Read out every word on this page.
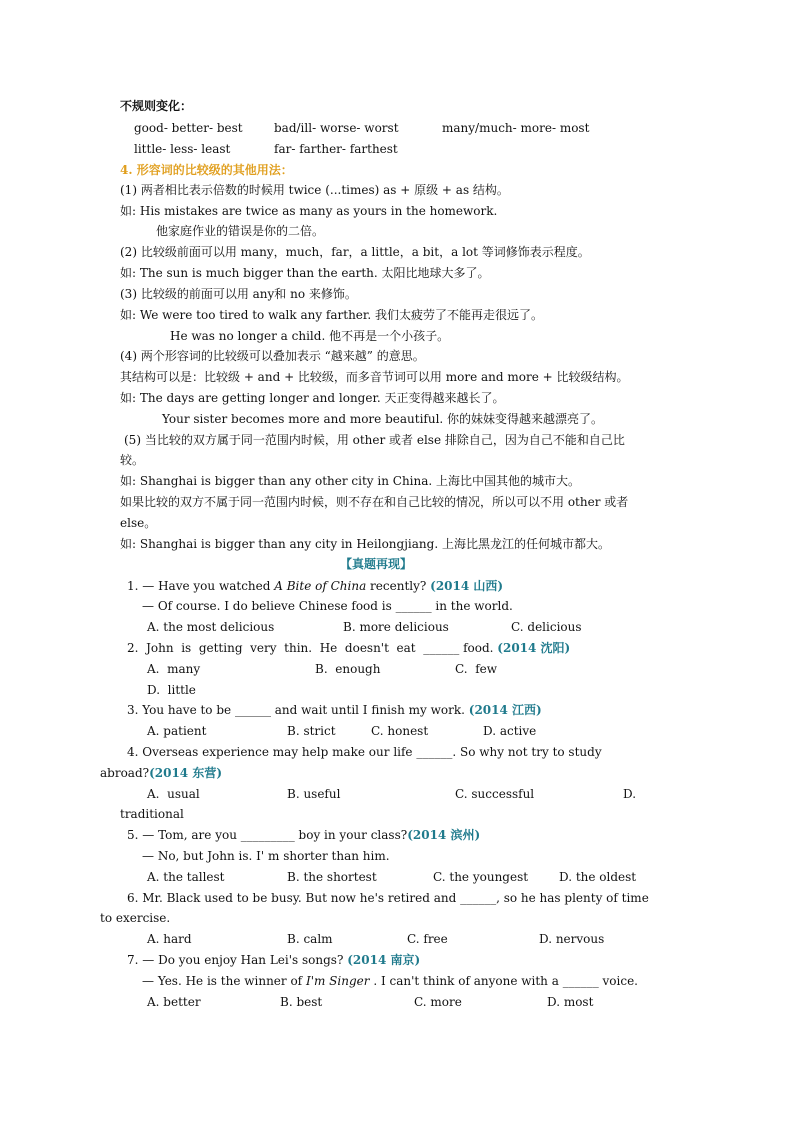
不规则变化：
good- better- best	bad/ill- worse- worst	many/much- more- most
little- less- least	far- farther- farthest
4. 形容词的比较级的其他用法：
(1) 两者相比表示倍数的时候用 twice (...times) as + 原级 + as 结构。
如: His mistakes are twice as many as yours in the homework.
他家庭作业的错误是你的二倍。
(2) 比较级前面可以用 many，much，far，a little，a bit，a lot 等词修饰表示程度。
如: The sun is much bigger than the earth. 太阳比地球大多了。
(3) 比较级的前面可以用 any和 no 来修饰。
如: We were too tired to walk any farther. 我们太疲劳了不能再走很远了。
He was no longer a child. 他不再是一个小孩子。
(4) 两个形容词的比较级可以叠加表示 “越来越” 的意思。
其结构可以是：比较级 + and + 比较级，而多音节词可以用 more and more + 比较级结构。
如: The days are getting longer and longer. 天正变得越来越长了。
Your sister becomes more and more beautiful. 你的妹妹变得越来越漂亮了。
(5) 当比较的双方属于同一范围内时候，用 other 或者 else 排除自己，因为自己不能和自己比
较。
如: Shanghai is bigger than any other city in China. 上海比中国其他的城市大。
如果比较的双方不属于同一范围内时候，则不存在和自己比较的情况，所以可以不用 other 或者
else。
如: Shanghai is bigger than any city in Heilongjiang. 上海比黑龙江的任何城市都大。
【真题再现】
1. — Have you watched A Bite of China recently? (2014 山西)
— Of course. I do believe Chinese food is ______ in the world.
A. the most delicious	B. more delicious	C. delicious
2.  John  is  getting  very  thin.  He  doesn't  eat  ______ food. (2014 沈阳)
A.  many	B.  enough	C.  few
D.  little
3. You have to be ______ and wait until I finish my work. (2014 江西)
A. patient	B. strict	C. honest	D. active
4. Overseas experience may help make our life ______. So why not try to study
abroad?(2014 东营)
A.  usual	B. useful	C. successful	D.
traditional
5. — Tom, are you _________ boy in your class?(2014 滨州)
— No, but John is. I' m shorter than him.
A. the tallest	B. the shortest	C. the youngest	D. the oldest
6. Mr. Black used to be busy. But now he's retired and ______, so he has plenty of time
to exercise.
A. hard	B. calm	C. free	D. nervous
7. — Do you enjoy Han Lei's songs? (2014 南京)
— Yes. He is the winner of I'm Singer . I can't think of anyone with a ______ voice.
A. better	B. best	C. more	D. most
